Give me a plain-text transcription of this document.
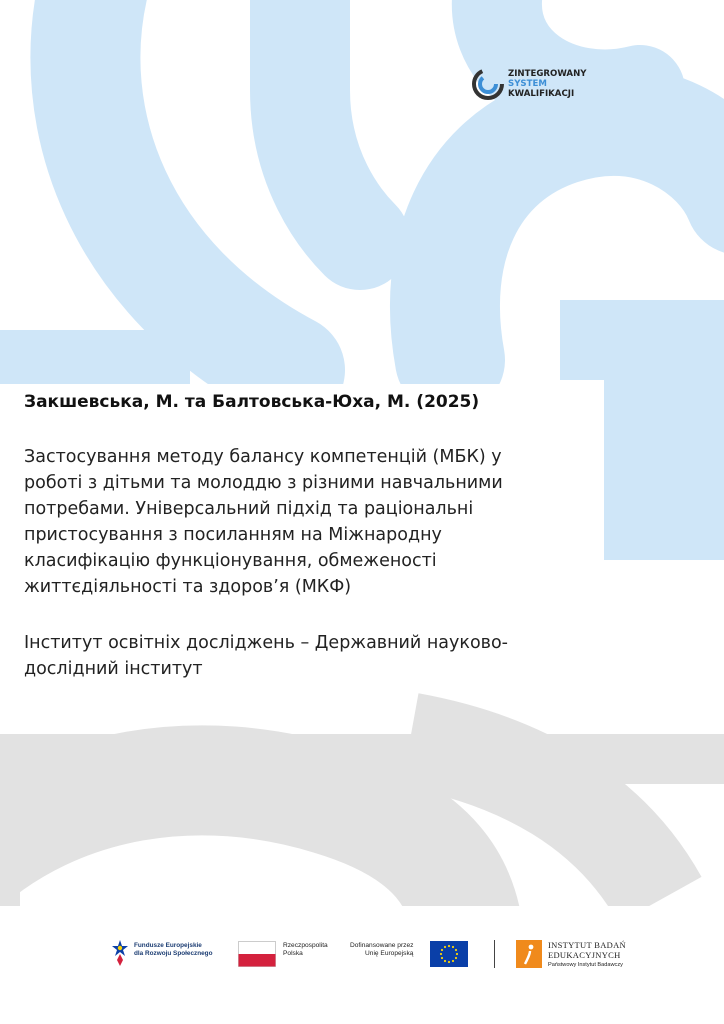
ZINTEGROWANY
SYSTEM
KWALIFIKACJI
Закшевська, М. та Балтовська-Юха, М. (2025)
Застосування методу балансу компетенцій (МБК) у
роботі з дітьми та молоддю з різними навчальними
потребами. Універсальний підхід та раціональні
пристосування з посиланням на Міжнародну
класифікацію функціонування, обмеженості
життєдіяльності та здоров’я (МКФ)
Інститут освітніх досліджень – Державний науково-
дослідний інститут
Fundusze Europejskie
dla Rozwoju Społecznego
Rzeczpospolita
Polska
Dofinansowane przez
Unię Europejską
INSTYTUT BADAŃ
EDUKACYJNYCH
Państwowy Instytut Badawczy
